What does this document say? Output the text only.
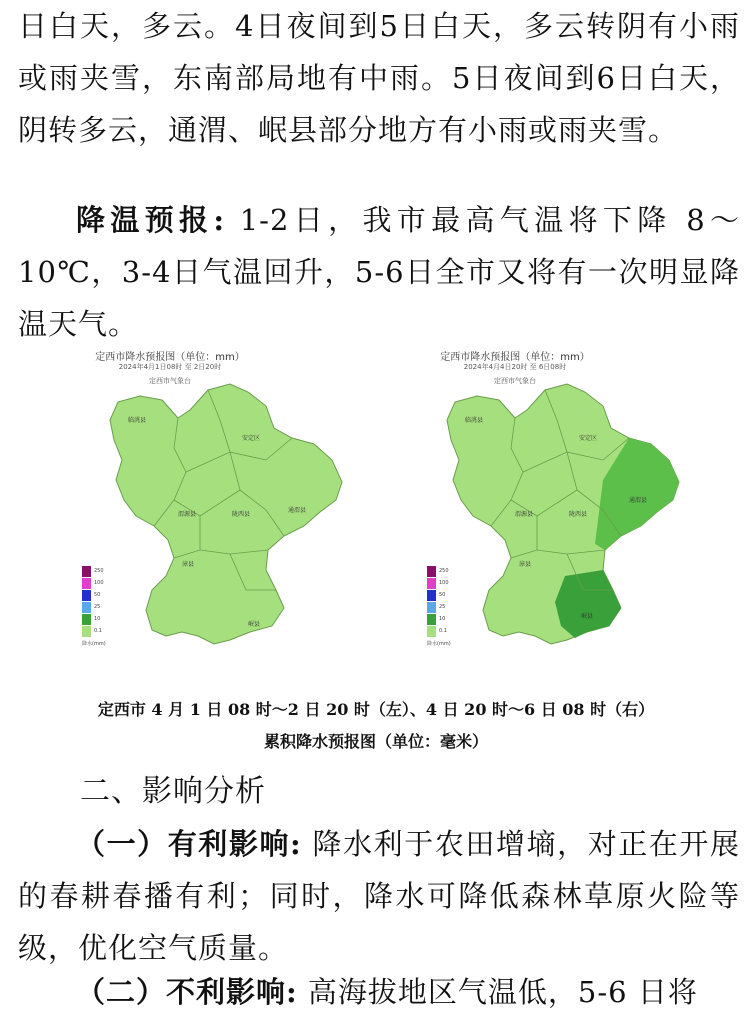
日白天，多云。4日夜间到5日白天，多云转阴有小雨或雨夹雪，东南部局地有中雨。5日夜间到6日白天，阴转多云，通渭、岷县部分地方有小雨或雨夹雪。

降温预报: 1-2日，我市最高气温将下降 8～10℃，3-4日气温回升，5-6日全市又将有一次明显降温天气。

定西市降水预报图（单位：mm）
2024年4月1日08时 至 2日20时
定西市气象台
临洮县
安定区
渭源县	陇西县
通渭县
漳县
岷县
250
100
50
25
10
0.1
降水(mm)
定西市降水预报图（单位：mm）
2024年4月4日20时 至 6日08时
定西市气象台
临洮县
安定区
渭源县	陇西县
通渭县
漳县
岷县
250
100
50
25
10
0.1
降水(mm)
定西市 4 月 1 日 08 时～2 日 20 时（左）、4 日 20 时～6 日 08 时（右）
累积降水预报图（单位：毫米）
二、影响分析

（一）有利影响: 降水利于农田增墒，对正在开展的春耕春播有利；同时，降水可降低森林草原火险等级，优化空气质量。

（二）不利影响: 高海拔地区气温低，5-6 日将
